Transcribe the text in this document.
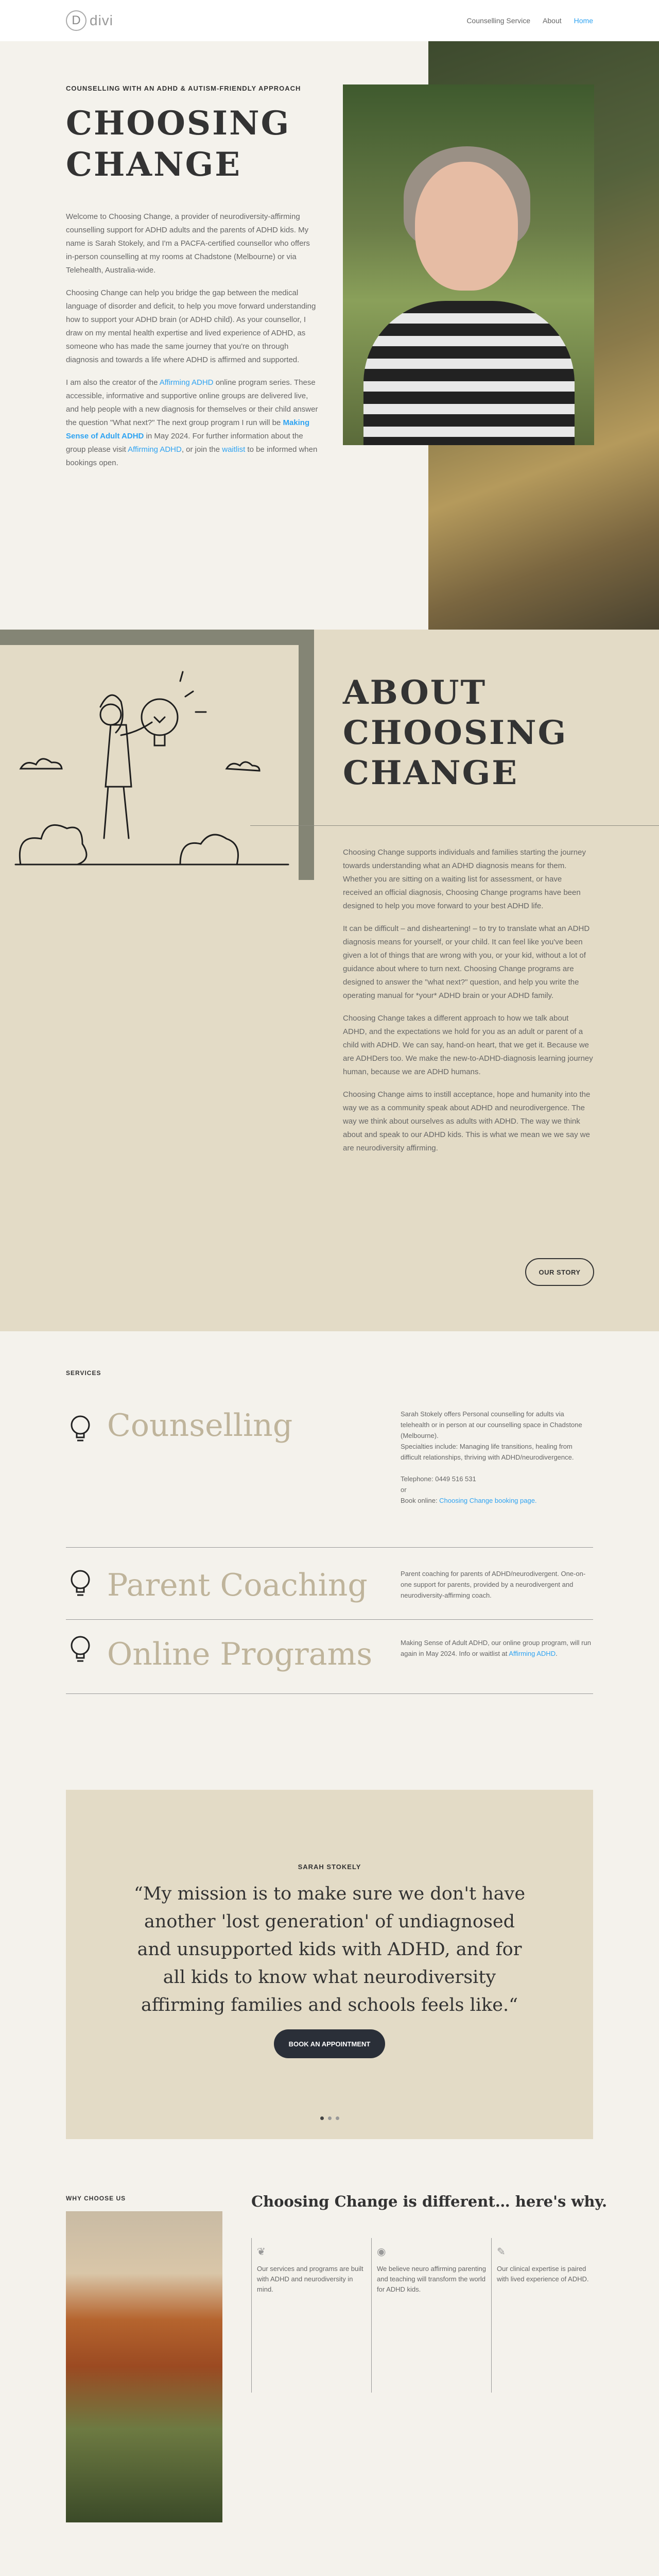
D divi	Counselling Service About Home
COUNSELLING WITH AN ADHD & AUTISM-FRIENDLY APPROACH
CHOOSING
CHANGE

Welcome to Choosing Change, a provider of neurodiversity-affirming counselling support for ADHD adults and the parents of ADHD kids. My name is Sarah Stokely, and I'm a PACFA-certified counsellor who offers in-person counselling at my rooms at Chadstone (Melbourne) or via Telehealth, Australia-wide.

Choosing Change can help you bridge the gap between the medical language of disorder and deficit, to help you move forward understanding how to support your ADHD brain (or ADHD child). As your counsellor, I draw on my mental health expertise and lived experience of ADHD, as someone who has made the same journey that you're on through diagnosis and towards a life where ADHD is affirmed and supported.

I am also the creator of the Affirming ADHD online program series. These accessible, informative and supportive online groups are delivered live, and help people with a new diagnosis for themselves or their child answer the question "What next?" The next group program I run will be Making Sense of Adult ADHD in May 2024. For further information about the group please visit Affirming ADHD, or join the waitlist to be informed when bookings open.

ABOUT
CHOOSING
CHANGE

Choosing Change supports individuals and families starting the journey towards understanding what an ADHD diagnosis means for them. Whether you are sitting on a waiting list for assessment, or have received an official diagnosis, Choosing Change programs have been designed to help you move forward to your best ADHD life.

It can be difficult – and disheartening! – to try to translate what an ADHD diagnosis means for yourself, or your child. It can feel like you've been given a lot of things that are wrong with you, or your kid, without a lot of guidance about where to turn next. Choosing Change programs are designed to answer the "what next?" question, and help you write the operating manual for *your* ADHD brain or your ADHD family.

Choosing Change takes a different approach to how we talk about ADHD, and the expectations we hold for you as an adult or parent of a child with ADHD. We can say, hand-on heart, that we get it. Because we are ADHDers too. We make the new-to-ADHD-diagnosis learning journey human, because we are ADHD humans.

Choosing Change aims to instill acceptance, hope and humanity into the way we as a community speak about ADHD and neurodivergence. The way we think about ourselves as adults with ADHD. The way we think about and speak to our ADHD kids. This is what we mean we we say we are neurodiversity affirming.

OUR STORY
SERVICES
Counselling	Sarah Stokely offers Personal counselling for adults via telehealth or in person at our counselling space in Chadstone (Melbourne).
Specialties include: Managing life transitions, healing from difficult relationships, thriving with ADHD/neurodivergence.

Telephone: 0449 516 531
or
Book online: Choosing Change booking page.
Parent Coaching	Parent coaching for parents of ADHD/neurodivergent. One-on-one support for parents, provided by a neurodivergent and neurodiversity-affirming coach.
Online Programs	Making Sense of Adult ADHD, our online group program, will run again in May 2024. Info or waitlist at Affirming ADHD.
SARAH STOKELY
“My mission is to make sure we don't have another 'lost generation' of undiagnosed and unsupported kids with ADHD, and for all kids to know what neurodiversity affirming families and schools feels like.“
BOOK AN APPOINTMENT
WHY CHOOSE US	Choosing Change is different… here's why.
❦

Our services and programs are built with ADHD and neurodiversity in mind.

◉

We believe neuro affirming parenting and teaching will transform the world for ADHD kids.

✎

Our clinical expertise is paired with lived experience of ADHD.
